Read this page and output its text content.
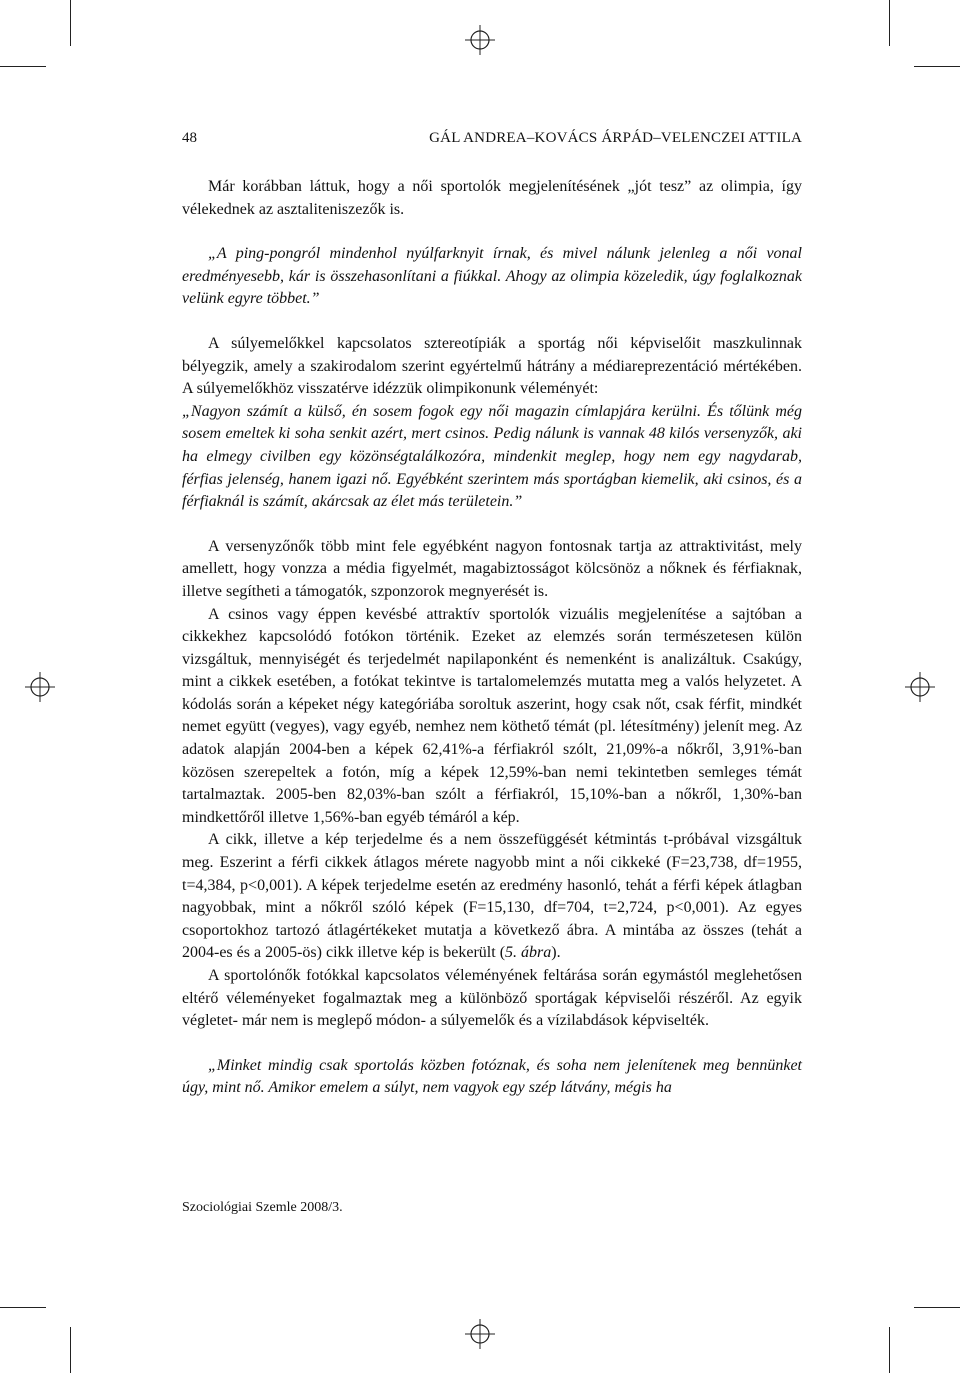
48	GÁL ANDREA–KOVÁCS ÁRPÁD–VELENCZEI ATTILA

Már korábban láttuk, hogy a női sportolók megjelenítésének „jót tesz” az olimpia, így vélekednek az asztaliteniszezők is.

„A ping-pongról mindenhol nyúlfarknyit írnak, és mivel nálunk jelenleg a női vonal eredményesebb, kár is összehasonlítani a fiúkkal. Ahogy az olimpia közeledik, úgy foglalkoznak velünk egyre többet.”

A súlyemelőkkel kapcsolatos sztereotípiák a sportág női képviselőit maszkulinnak bélyegzik, amely a szakirodalom szerint egyértelmű hátrány a médiareprezentáció mértékében. A súlyemelőkhöz visszatérve idézzük olimpikonunk véleményét:

„Nagyon számít a külső, én sosem fogok egy női magazin címlapjára kerülni. És tőlünk még sosem emeltek ki soha senkit azért, mert csinos. Pedig nálunk is vannak 48 kilós versenyzők, aki ha elmegy civilben egy közönségtalálkozóra, mindenkit meglep, hogy nem egy nagydarab, férfias jelenség, hanem igazi nő. Egyébként szerintem más sportágban kiemelik, aki csinos, és a férfiaknál is számít, akárcsak az élet más területein.”

A versenyzőnők több mint fele egyébként nagyon fontosnak tartja az attraktivitást, mely amellett, hogy vonzza a média figyelmét, magabiztosságot kölcsönöz a nőknek és férfiaknak, illetve segítheti a támogatók, szponzorok megnyerését is.

A csinos vagy éppen kevésbé attraktív sportolók vizuális megjelenítése a sajtóban a cikkekhez kapcsolódó fotókon történik. Ezeket az elemzés során természetesen külön vizsgáltuk, mennyiségét és terjedelmét napilaponként és nemenként is analizáltuk. Csakúgy, mint a cikkek esetében, a fotókat tekintve is tartalomelemzés mutatta meg a valós helyzetet. A kódolás során a képeket négy kategóriába soroltuk aszerint, hogy csak nőt, csak férfit, mindkét nemet együtt (vegyes), vagy egyéb, nemhez nem köthető témát (pl. létesítmény) jelenít meg. Az adatok alapján 2004-ben a képek 62,41%-a férfiakról szólt, 21,09%-a nőkről, 3,91%-ban közösen szerepeltek a fotón, míg a képek 12,59%-ban nemi tekintetben semleges témát tartalmaztak. 2005-ben 82,03%-ban szólt a férfiakról, 15,10%-ban a nőkről, 1,30%-ban mindkettőről illetve 1,56%-ban egyéb témáról a kép.

A cikk, illetve a kép terjedelme és a nem összefüggését kétmintás t-próbával vizsgáltuk meg. Eszerint a férfi cikkek átlagos mérete nagyobb mint a női cikkeké (F=23,738, df=1955, t=4,384, p<0,001). A képek terjedelme esetén az eredmény hasonló, tehát a férfi képek átlagban nagyobbak, mint a nőkről szóló képek (F=15,130, df=704, t=2,724, p<0,001). Az egyes csoportokhoz tartozó átlagértékeket mutatja a következő ábra. A mintába az összes (tehát a 2004-es és a 2005-ös) cikk illetve kép is bekerült (5. ábra).

A sportolónők fotókkal kapcsolatos véleményének feltárása során egymástól meglehetősen eltérő véleményeket fogalmaztak meg a különböző sportágak képviselői részéről. Az egyik végletet- már nem is meglepő módon- a súlyemelők és a vízilabdások képviselték.

„Minket mindig csak sportolás közben fotóznak, és soha nem jelenítenek meg bennünket úgy, mint nő. Amikor emelem a súlyt, nem vagyok egy szép látvány, mégis ha

Szociológiai Szemle 2008/3.
